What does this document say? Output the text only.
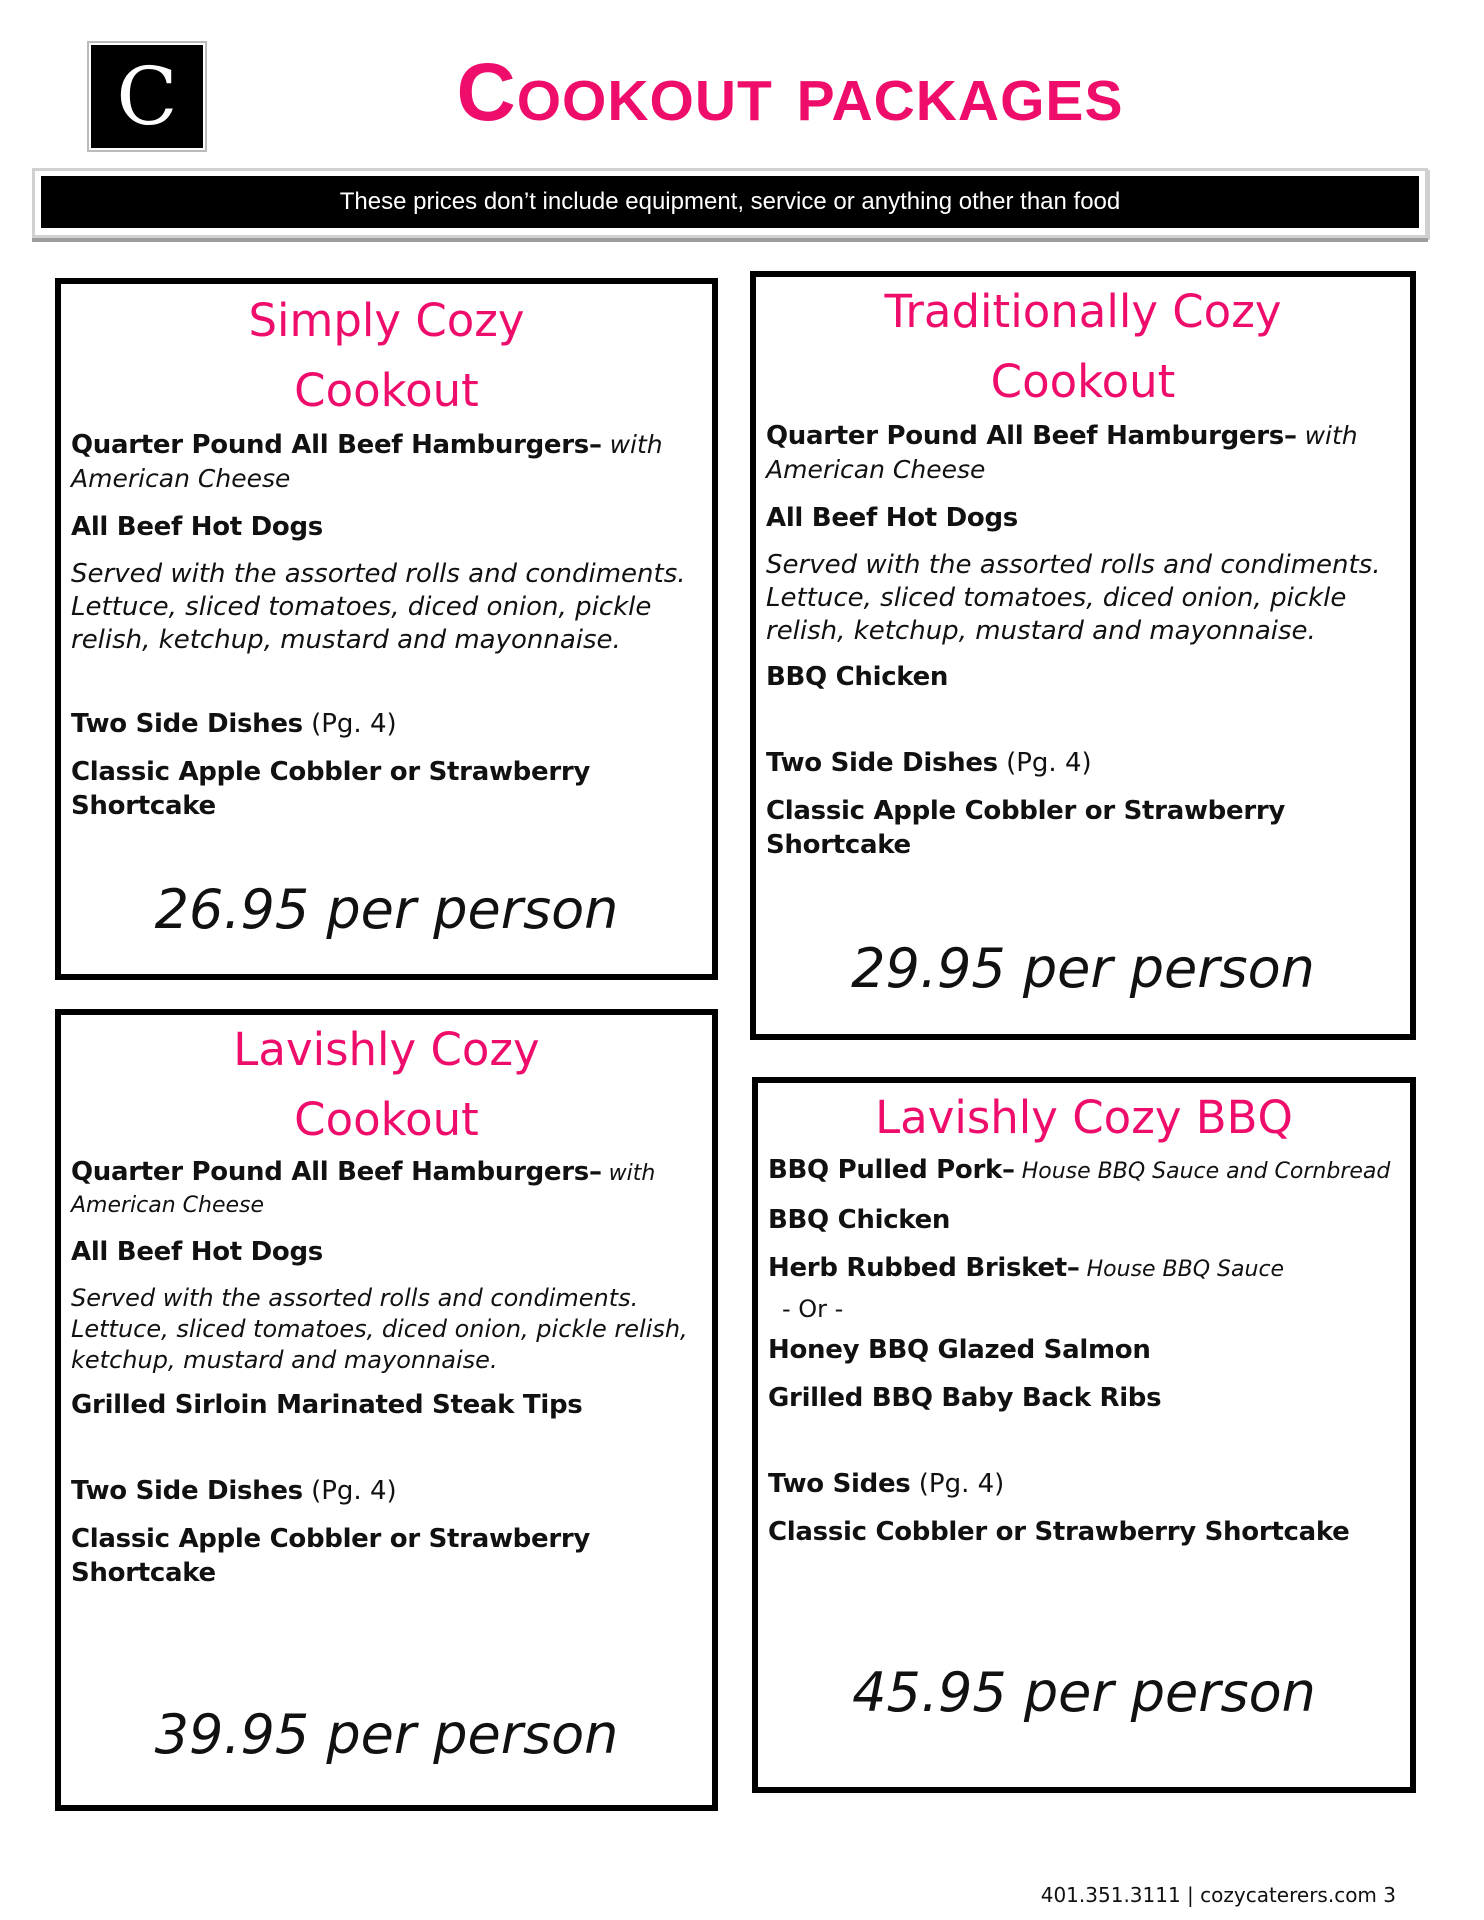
C	Cookout packages
These prices don’t include equipment, service or anything other than food
Simply Cozy
Cookout
Quarter Pound All Beef Hamburgers– with American Cheese
All Beef Hot Dogs
Served with the assorted rolls and condiments. Lettuce, sliced tomatoes, diced onion, pickle relish, ketchup, mustard and mayonnaise.
Two Side Dishes (Pg. 4)
Classic Apple Cobbler or Strawberry Shortcake
26.95 per person
Traditionally Cozy
Cookout
Quarter Pound All Beef Hamburgers– with American Cheese
All Beef Hot Dogs
Served with the assorted rolls and condiments. Lettuce, sliced tomatoes, diced onion, pickle relish, ketchup, mustard and mayonnaise.
BBQ Chicken
Two Side Dishes (Pg. 4)
Classic Apple Cobbler or Strawberry Shortcake
29.95 per person
Lavishly Cozy
Cookout
Quarter Pound All Beef Hamburgers– with American Cheese
All Beef Hot Dogs
Served with the assorted rolls and condiments. Lettuce, sliced tomatoes, diced onion, pickle relish, ketchup, mustard and mayonnaise.
Grilled Sirloin Marinated Steak Tips
Two Side Dishes (Pg. 4)
Classic Apple Cobbler or Strawberry Shortcake
39.95 per person
Lavishly Cozy BBQ
BBQ Pulled Pork– House BBQ Sauce and Cornbread
BBQ Chicken
Herb Rubbed Brisket– House BBQ Sauce
- Or -
Honey BBQ Glazed Salmon
Grilled BBQ Baby Back Ribs
Two Sides (Pg. 4)
Classic Cobbler or Strawberry Shortcake
45.95 per person
401.351.3111 | cozycaterers.com 3
